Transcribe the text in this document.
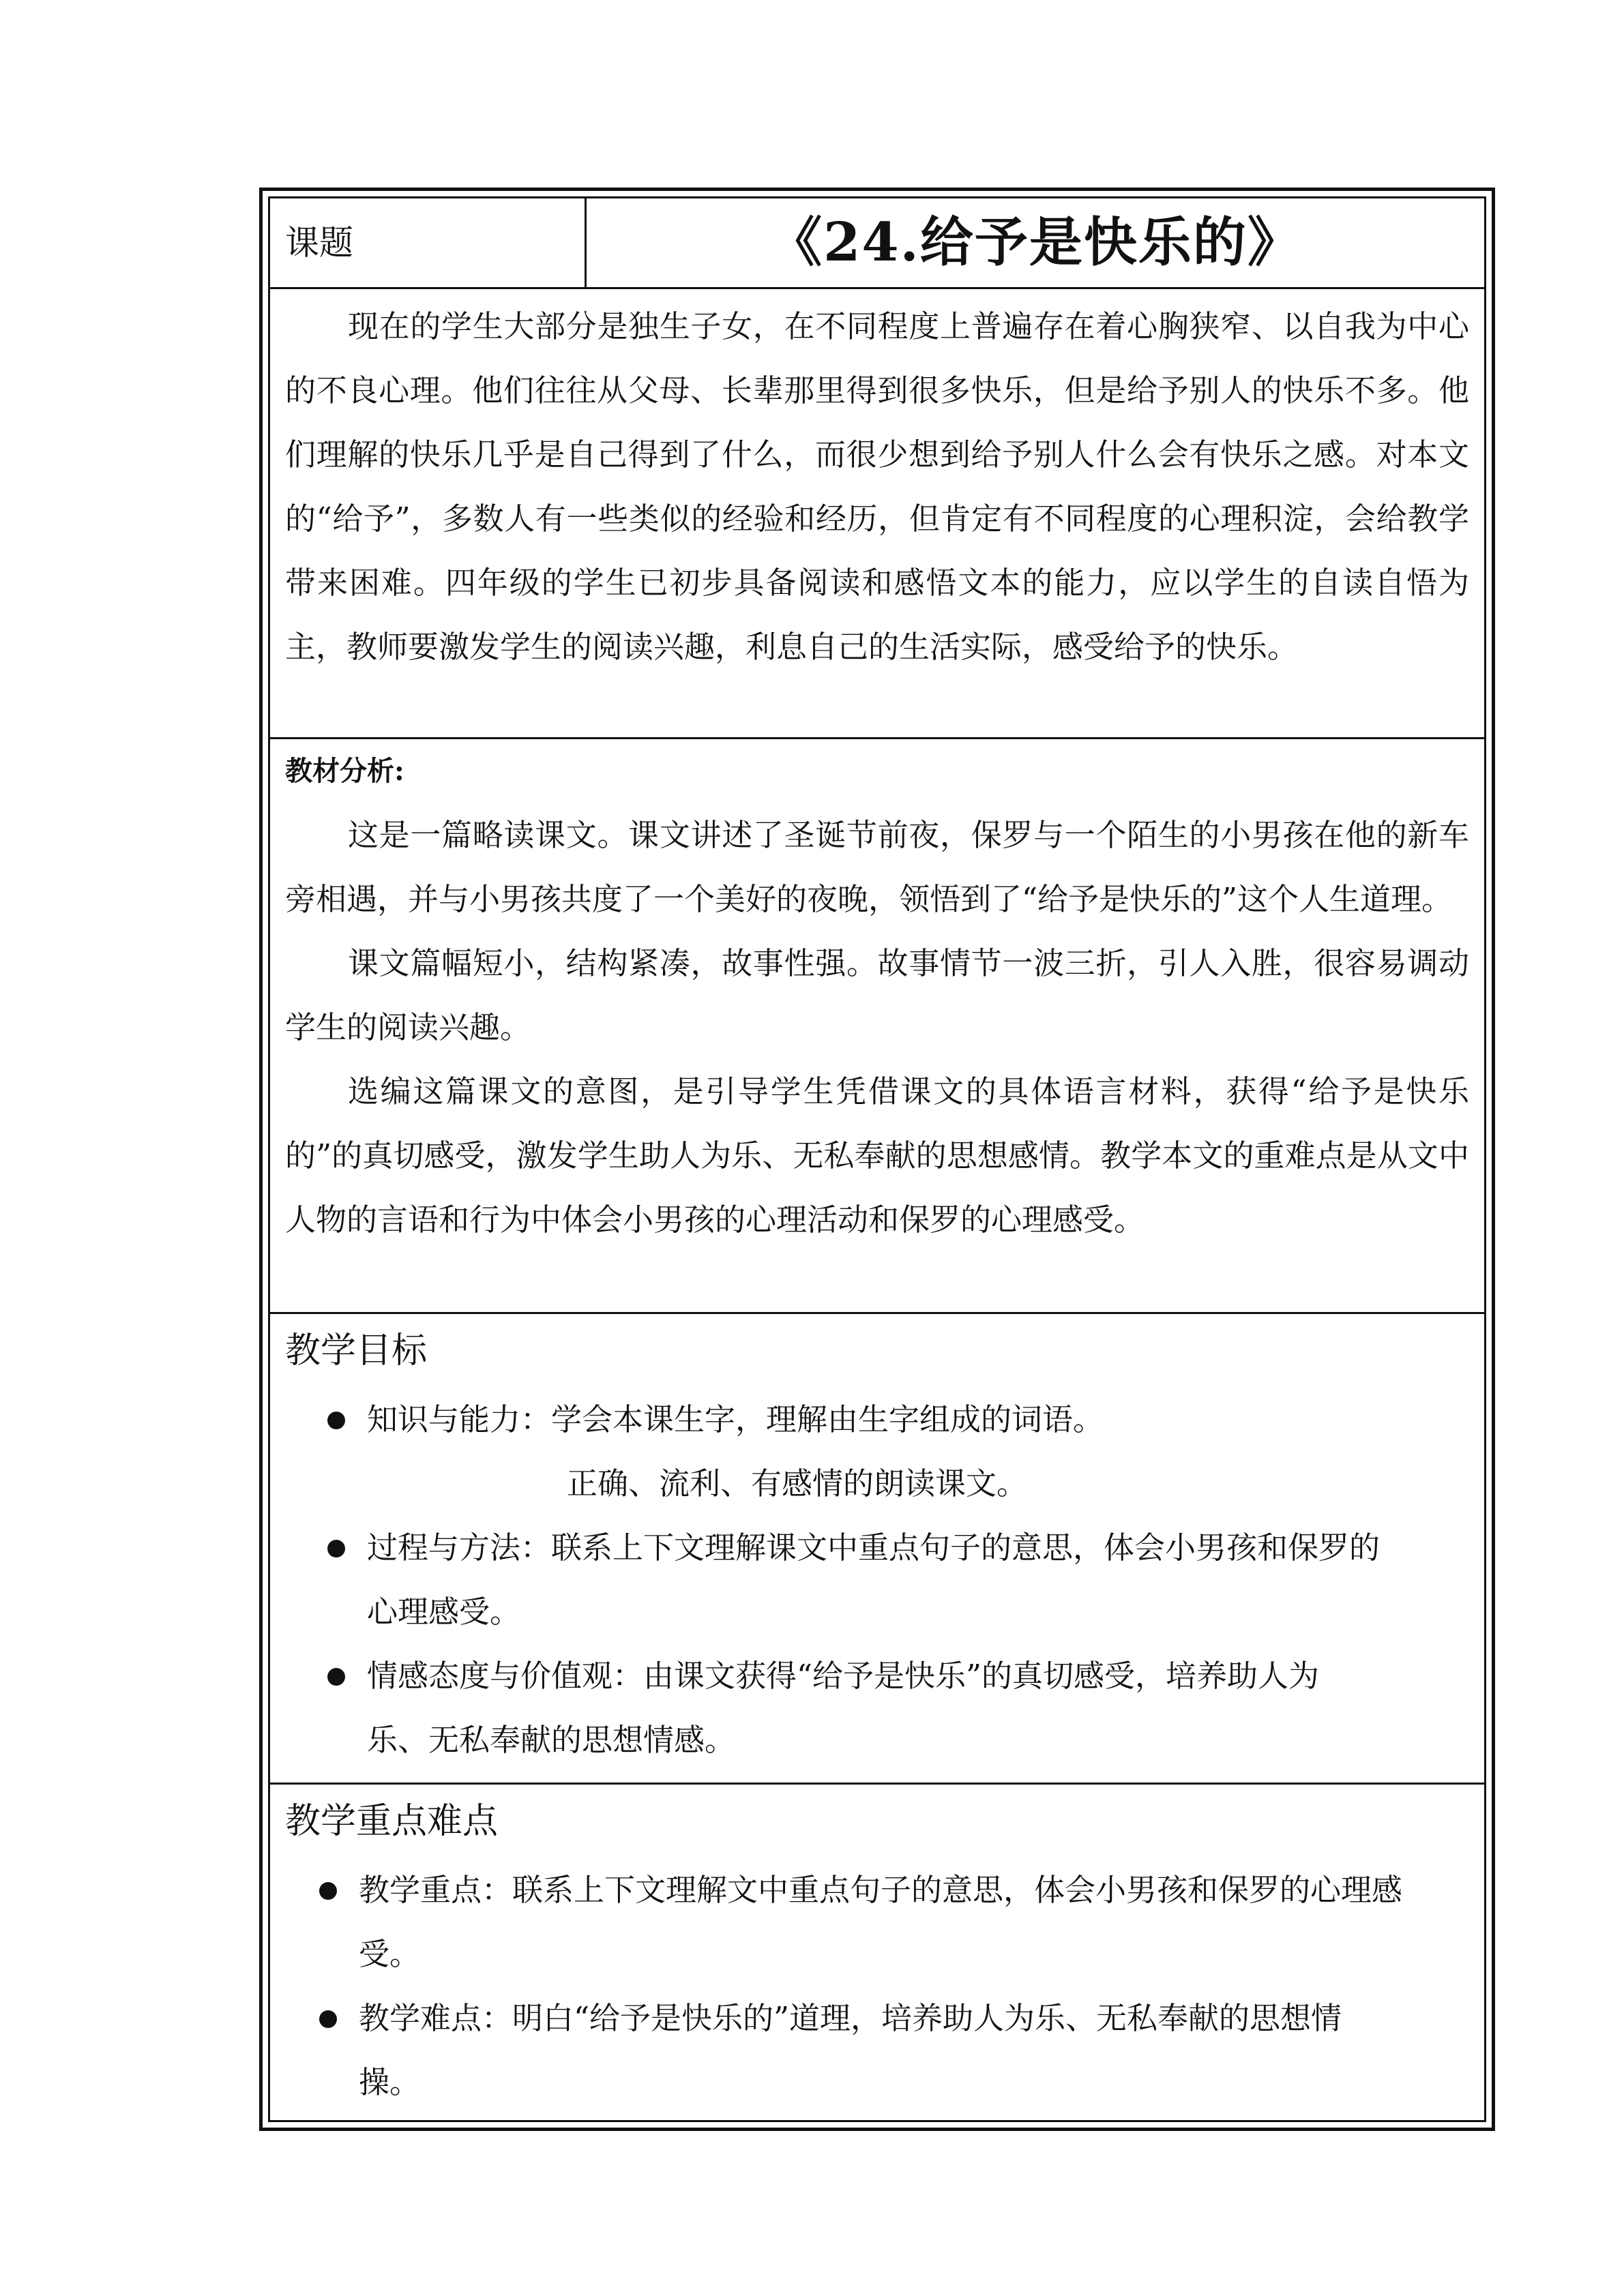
课题	《24.给予是快乐的》

现在的学生大部分是独生子女，在不同程度上普遍存在着心胸狭窄、以自我为中心的不良心理。他们往往从父母、长辈那里得到很多快乐，但是给予别人的快乐不多。他们理解的快乐几乎是自己得到了什么，而很少想到给予别人什么会有快乐之感。对本文的“给予”，多数人有一些类似的经验和经历，但肯定有不同程度的心理积淀，会给教学带来困难。四年级的学生已初步具备阅读和感悟文本的能力，应以学生的自读自悟为主，教师要激发学生的阅读兴趣，利息自己的生活实际，感受给予的快乐。

教材分析:

这是一篇略读课文。课文讲述了圣诞节前夜，保罗与一个陌生的小男孩在他的新车旁相遇，并与小男孩共度了一个美好的夜晚，领悟到了“给予是快乐的”这个人生道理。

课文篇幅短小，结构紧凑，故事性强。故事情节一波三折，引人入胜，很容易调动学生的阅读兴趣。

选编这篇课文的意图，是引导学生凭借课文的具体语言材料，获得“给予是快乐的”的真切感受，激发学生助人为乐、无私奉献的思想感情。教学本文的重难点是从文中人物的言语和行为中体会小男孩的心理活动和保罗的心理感受。

教学目标

知识与能力：学会本课生字，理解由生字组成的词语。
正确、流利、有感情的朗读课文。
过程与方法：联系上下文理解课文中重点句子的意思，体会小男孩和保罗的
心理感受。
情感态度与价值观：由课文获得“给予是快乐”的真切感受，培养助人为
乐、无私奉献的思想情感。

教学重点难点

教学重点：联系上下文理解文中重点句子的意思，体会小男孩和保罗的心理感
受。
教学难点：明白“给予是快乐的”道理，培养助人为乐、无私奉献的思想情
操。
